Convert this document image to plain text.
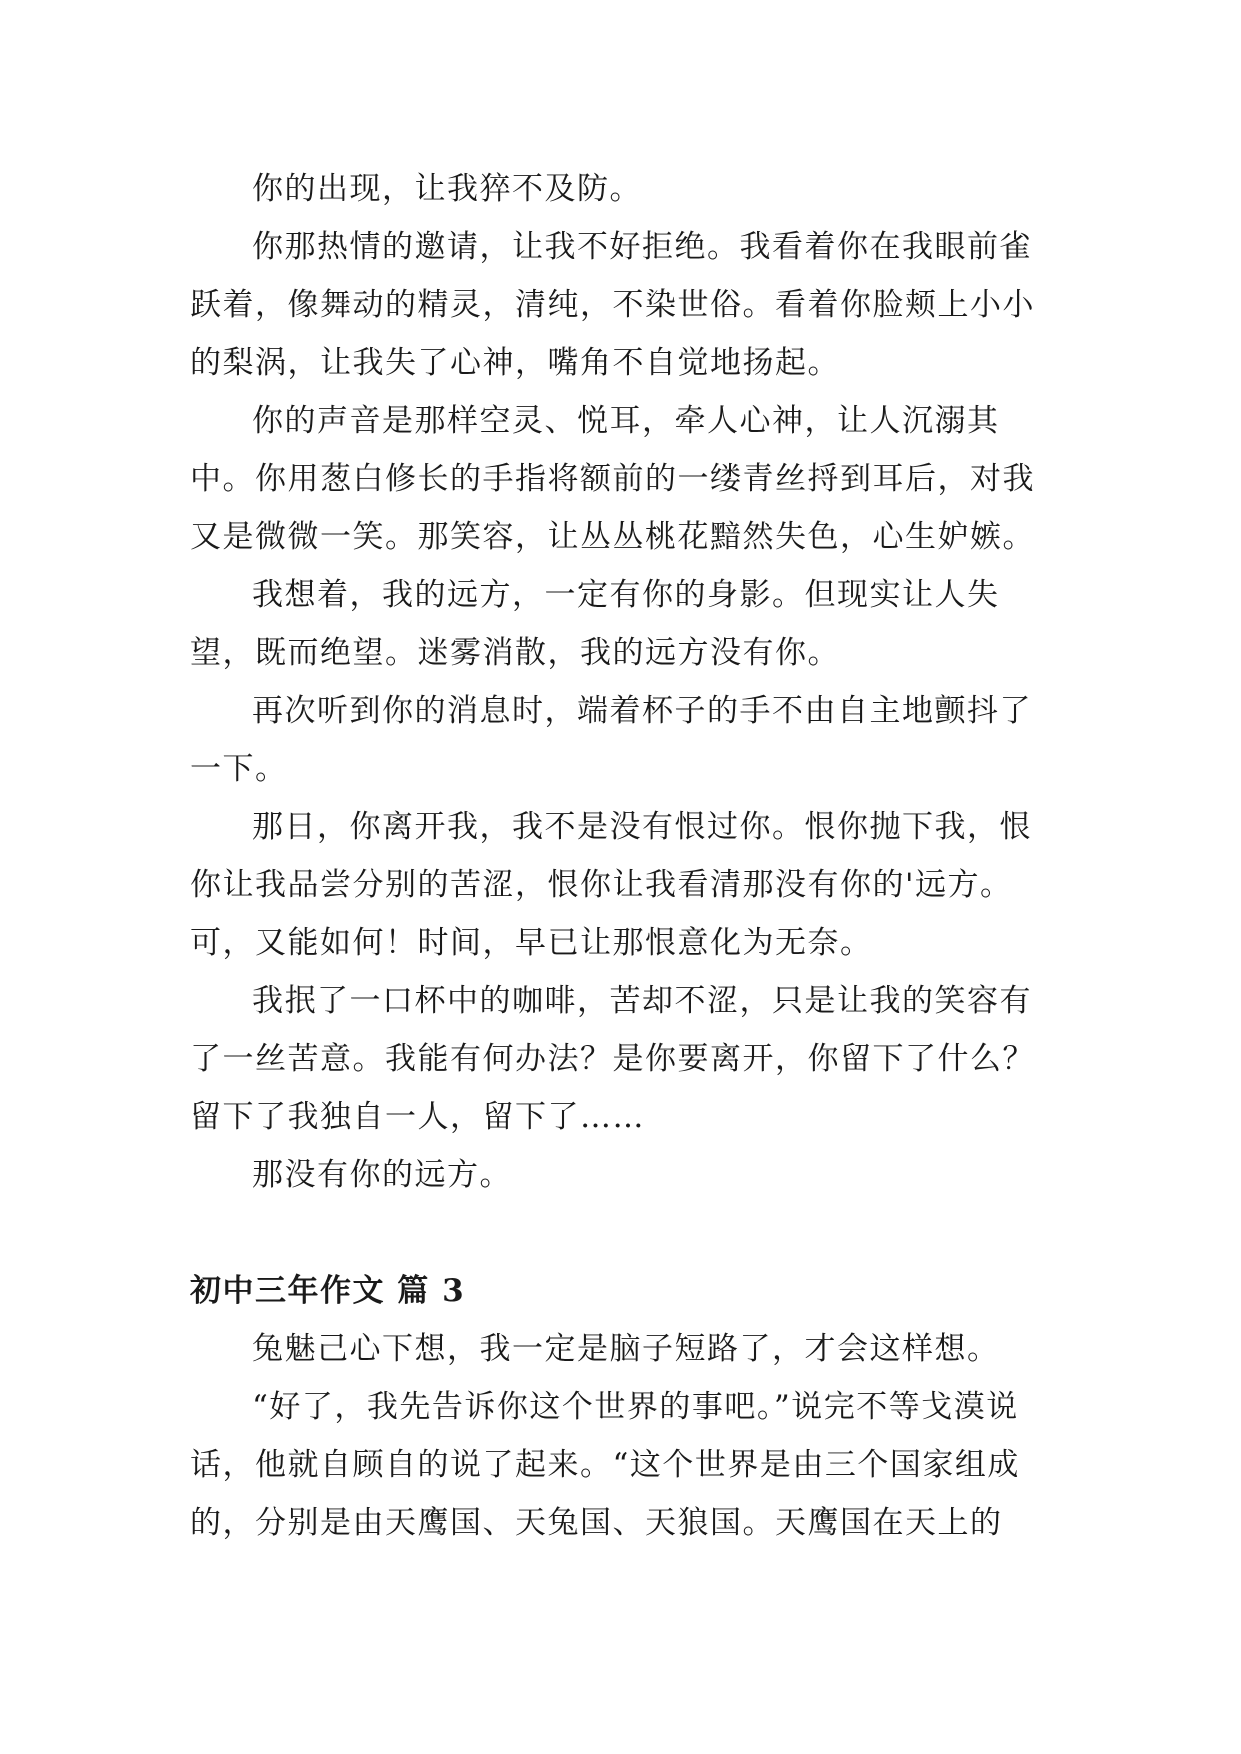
你的出现，让我猝不及防。

你那热情的邀请，让我不好拒绝。我看着你在我眼前雀跃着，像舞动的精灵，清纯，不染世俗。看着你脸颊上小小的梨涡，让我失了心神，嘴角不自觉地扬起。

你的声音是那样空灵、悦耳，牵人心神，让人沉溺其中。你用葱白修长的手指将额前的一缕青丝捋到耳后，对我又是微微一笑。那笑容，让丛丛桃花黯然失色，心生妒嫉。

我想着，我的远方，一定有你的身影。但现实让人失望，既而绝望。迷雾消散，我的远方没有你。

再次听到你的消息时，端着杯子的手不由自主地颤抖了一下。

那日，你离开我，我不是没有恨过你。恨你抛下我，恨你让我品尝分别的苦涩，恨你让我看清那没有你的'远方。可，又能如何！时间，早已让那恨意化为无奈。

我抿了一口杯中的咖啡，苦却不涩，只是让我的笑容有了一丝苦意。我能有何办法？是你要离开，你留下了什么？留下了我独自一人，留下了……

那没有你的远方。

初中三年作文 篇 3

兔魅己心下想，我一定是脑子短路了，才会这样想。

“好了，我先告诉你这个世界的事吧。”说完不等戈漠说话，他就自顾自的说了起来。“这个世界是由三个国家组成的，分别是由天鹰国、天兔国、天狼国。天鹰国在天上的
